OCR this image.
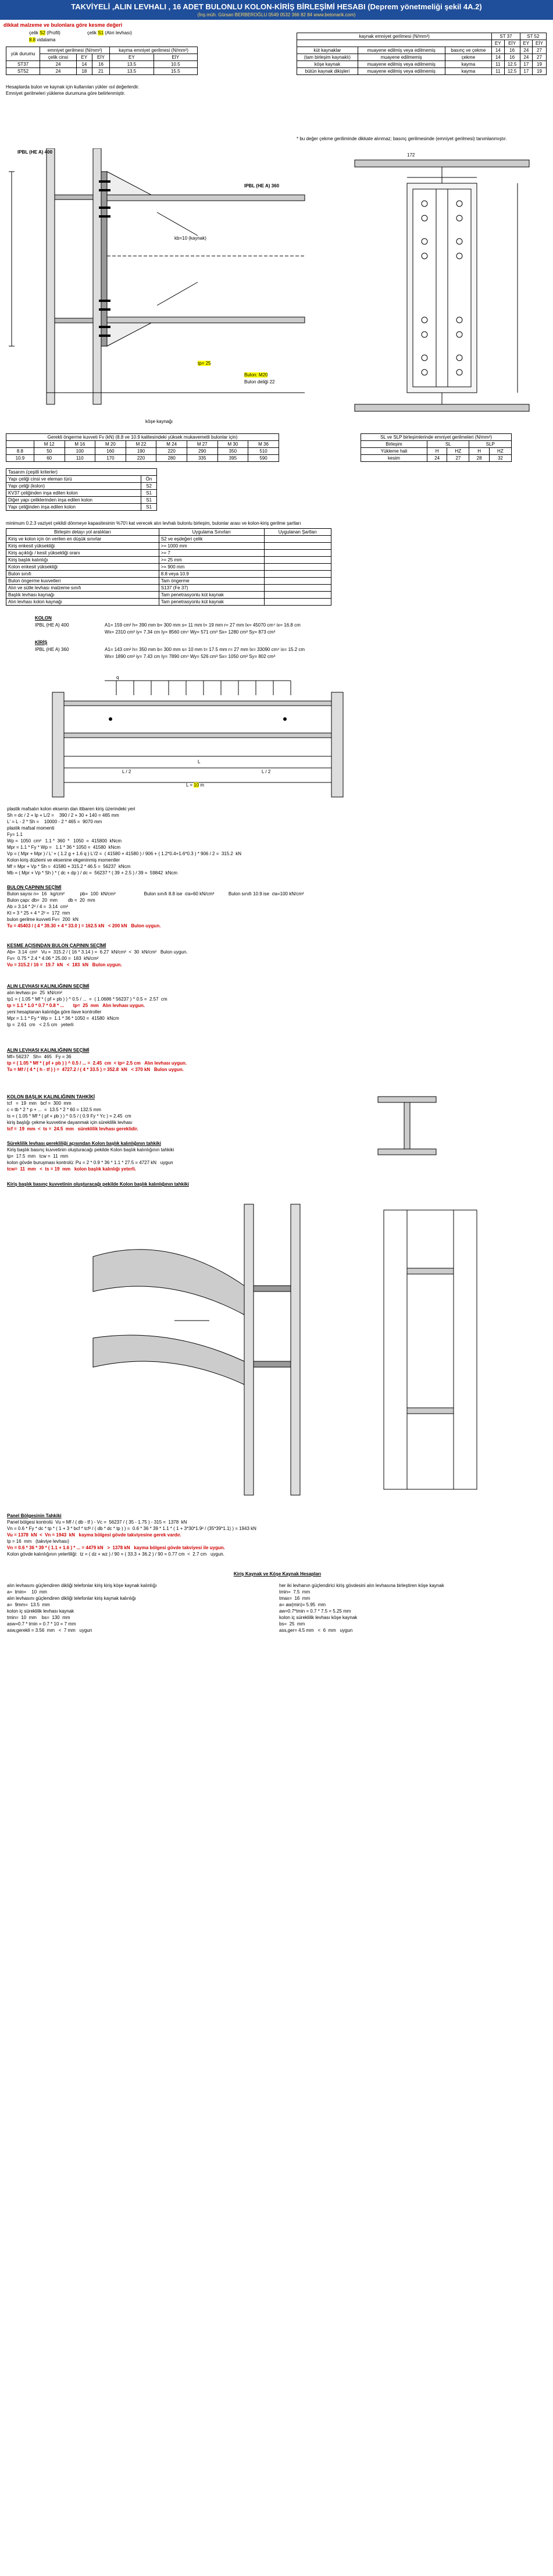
TAKVİYELİ ,ALIN LEVHALI , 16 ADET BULONLU KOLON-KİRİŞ BİRLEŞİMİ HESABI (Deprem yönetmeliği şekil 4A.2)
(İnş.müh. Gürsan BERBEROĞLU 0549 0532 366 82 84 www.betonarik.com)
dikkat malzeme ve bulonlara göre kesme değeri
çelik S2 (Profil)	çelik S1 (Alın levhası)
8.8 vidalama
yük durumu	emniyet gerilmesi (N/mm²)			kayma emniyet gerilmesi (N/mm²)	
	çelik cinsi	EY	EİY	EY	EİY
ST37	24	14	16	13.5	10.5
ST52	24	18	21	13.5	15.5
Hesaplarda bulon ve kaynak için kullanılan yükler ısıl değerlerdir.
Emniyet gerilmeleri yükleme durumuna göre belirlenmiştir.
kaynak emniyet gerilmesi (N/mm²)			ST 37		ST 52	
			EY	EİY	EY	EİY
küt kaynaklar	muayene edilmiş veya edilmemiş	basınç ve çekme	14	16	24	27
(tam birleşim kaynaklı)	muayene edilmemiş	çekme	14	16	24	27
köşe kaynak	muayene edilmiş veya edilmemiş	kayma	11	12.5	17	19
bütün kaynak dikişleri	muayene edilmiş veya edilmemiş	kayma	11	12.5	17	19
* bu değer çekme geriliminde dikkate alınmaz; basınç gerilmesinde (emniyet gerilmesi) tanımlanmıştır.
IPBL (HE A) 400
IPBL (HE A) 360
kb=10 (kaynak)
Bulon: M20
Bulon deliği 22
tp= 25
köşe kaynağı
172
Gerekli öngerme kuvveti Fv (kN) (8.8 ve 10.9 kalitesindeki yüksek mukavemetli bulonlar için)								
	M 12	M 16	M 20	M 22	M 24	M 27	M 30	M 36
8.8	50	100	160	190	220	290	350	510
10.9	60	110	170	220	280	335	395	590
SL ve SLP birleşimlerinde emniyet gerilmeleri (N/mm²)				
Birleşim	SL		SLP	
Yükleme hali	H	HZ	H	HZ
kesim	24	27	28	32
Tasarım (çeşitli kriterler)	
Yapı çeliği cinsi ve eleman türü	Ön
Yapı çeliği (kolon)	S2
KV37 çeliğinden inşa edilen kolon	S1
Diğer yapı çeliklerinden inşa edilen kolon	S1
Yapı çeliğinden inşa edilen kolon	S1
minimum 0.2.3 vaziyet çekildi dönmeye kapasitesinin %70'i kat verecek alın levhalı bulonlu birleşim, bulonlar arası ve kolon-kiriş gerilme şartları
Birleşim detayı yol aralıkları	Uygulama Sınırları	Uygulanan Şartları
Kiriş ve kolon için ön verilen en düşük sınırlar	S2 ve eşdeğeri çelik	
Kiriş enkesit yüksekliği	>= 1000 mm	
Kiriş açıklığı / kesit yüksekliği oranı	>= 7	
Kiriş başlık kalınlığı	>= 25 mm	
Kolon enkesit yüksekliği	>= 900 mm	
Bulon sınıfı	8.8 veya 10.9	
Bulon öngerme kuvvetleri	Tam öngerme	
Alın ve sütle levhası malzeme sınıfı	S137 (Fe 37)	
Başlık levhası kaynağı	Tam penetrasyonlu küt kaynak	
Alın levhası kolon kaynağı	Tam penetrasyonlu küt kaynak	
KOLON
IPBL (HE A) 400	A1= 159 cm² h= 390 mm b= 300 mm s= 11 mm t= 19 mm r= 27 mm Ix= 45070 cm⁴ ix= 16.8 cm
Wx= 2310 cm³ iy= 7.34 cm Iy= 8560 cm⁴ Wy= 571 cm³ Sx= 1280 cm³ Sy= 873 cm³
KİRİŞ
IPBL (HE A) 360	A1= 143 cm² h= 350 mm b= 300 mm s= 10 mm t= 17.5 mm r= 27 mm Ix= 33090 cm⁴ ix= 15.2 cm
Wx= 1890 cm³ iy= 7.43 cm Iy= 7890 cm⁴ Wy= 526 cm³ Sx= 1050 cm³ Sy= 802 cm³
q
L
L / 2	L / 2
L = 10 m
plastik mafsalın kolon eksenin dan itibaren kiriş üzerindeki yeri
Sh = dc / 2 + lp + L/2 =    390 / 2 + 30 + 140 = 465 mm
L' = L - 2 * Sh =    10000 - 2 * 465 =  9070 mm
plastik mafsal momenti
Fy= 1.1
Wp =  1050  cm³   1.1 *  360  *   1050  =  415800  kNcm
Mpr = 1.1 * Fy * Wp =   1.1 * 36 * 1050 =  41580  kNcm
Vp = ( Mpr + Mpr ) / L' + ( 1.2 g + 1.6 q ) L'/2 =  ( 41580 + 41580 ) / 906 + ( 1.2*0.4+1.6*0.3 ) * 906 / 2 =  315.2  kN
Kolon kiriş düzlemi ve eksenine ekgeninmiş momentler
Mf = Mpr + Vp * Sh =  41580 + 315.2 * 46.5 =  56237  kNcm
Mb = ( Mpr + Vp * Sh ) * ( dc + dp ) / dc =  56237 * ( 39 + 2.5 ) / 39 =  59842  kNcm
BULON ÇAPININ SEÇİMİ
Bulon sayısı n=  16   kg/cm²            pb=  100  kN/cm²                      Bulon sınıfı 8.8 ise  σa=60 kN/cm²           Bulon sınıfı 10.9 ise  σa=100 kN/cm²
Bulon çapı: db=  20  mm        db =  20  mm
Ab = 3.14 * 2² / 4 =  3.14  cm²
Kt = 3 * 25 + 4 * 2² =  172  mm
bulon gerilme kuvveti Fv=  200  kN
Tu = 45403 / ( 4 * 39.30 + 4 * 33.0 ) = 162.5 kN   < 200 kN   Bulon uygun.
KESME AÇISINDAN BULON ÇAPININ SEÇİMİ
Ab=  3.14  cm²   Vu =  315.2 / ( 16 * 3.14 ) =  6.27  kN/cm²  <  30  kN/cm²   Bulon uygun.
Fv=  0.75 * 2.4 * 4.06 * 25.00 =  183  kN/cm²
Vu = 315.2 / 16 =  19.7  kN   <  183  kN   Bulon uygun.
ALIN LEVHASI KALINLIĞININ SEÇİMİ
alın levhası p=  25  kN/cm²
tp1 = ( 1.05 * Mf * ( pf + pb ) ) ^ 0.5 / ...  =  ( 1.0686 * 56237 ) ^ 0.5 =  2.57  cm
tp = 1.1 * 1.0 * 0.7 * 0.8 * ...       tp=  25  mm   Alın levhası uygun.
yeni hesaplanan kalınlığa göre ilave kontroller
Mpr = 1.1 * Fy * Wp =  1.1 * 36 * 1050 =  41580  kNcm
tp =  2.61  cm   < 2.5 cm   yeterli
ALIN LEVHASI KALINLIĞININ SEÇİMİ
Mf= 56237   Sh=  465   Fy = 36
tp = ( 1.05 * Mf * ( pf + pb ) ) ^ 0.5 / ... =  2.45  cm  < tp= 2.5 cm   Alın levhası uygun.
Tu = Mf / ( 4 * ( h - tf ) ) =  4727.2 / ( 4 * 33.5 ) = 352.8  kN   < 370 kN   Bulon uygun.
KOLON BAŞLIK KALINLIĞININ TAHKİKİ
tcf   =  19  mm   bcf =  300  mm
c = tb * 2 * p + ...  =  13.5 * 2 * 60 = 132.5 mm
ts = ( 1.05 * Mf * ( pf + pb ) ) ^ 0.5 / ( 0.9 Fy * Yc ) = 2.45  cm
kiriş başlığı çekme kuvvetine dayanmak için süreklilik levhası
tcf =  19  mm  <  ts =  24.5  mm   süreklilik levhası gereklidir.
Süreklilik levhası gerekliliği açısından Kolon başlık kalınlığının tahkiki
Kiriş başlık basınç kuvvetinin oluşturacağı pekilde Kolon başlık kalınlığının tahkiki
tp=  17.5  mm   tcw =  11  mm
kolon gövde buruşması kontrolü: Pu = 2 * 0.9 * 36 * 1.1 * 27.5 = 4727 kN   uygun
tcw=  11  mm   <  ts = 19  mm   kolon başlık kalınlığı yeterli.
Kiriş başlık basınç kuvvetinin oluşturacağı pekilde Kolon başlık kalınlığının tahkiki
Panel Bölgesinin Tahkiki
Panel bölgesi kontrolü  Vu = Mf / ( db - tf ) - Vc =  56237 / ( 35 - 1.75 ) - 315 =  1378  kN
Vn = 0.6 * Fy * dc * tp * ( 1 + 3 * bcf * tcf² / ( db * dc * tp ) ) =  0.6 * 36 * 39 * 1.1 * ( 1 + 3*30*1.9² / (35*39*1.1) ) = 1943 kN
Vu = 1378  kN  <  Vn = 1943  kN   kayma bölgesi gövde takviyesine gerek vardır.
tp = 16  mm   (takviye levhası)
Vn = 0.6 * 36 * 39 * ( 1.1 + 1.6 ) * ... = 4479 kN   >  1378 kN   kayma bölgesi gövde takviyesi ile uygun.
Kolon gövde kalınlığının yeterliliği:  tz = ( dz + wz ) / 90 = ( 33.3 + 36.2 ) / 90 = 0.77 cm  <  2.7 cm   uygun.
Kiriş Kaynak ve Köşe Kaynak Hesapları
alın levhasını güçlendiren dikliği telefonlar kiriş kiriş köşe kaynak kalınlığı
a=  tmin=    10  mm
alın levhasını güçlendiren dikliği telefonlar kiriş kaynak kalınlığı
a=  9mm=  13.5  mm
kolon iç süreklilik levhası kaynak
tmin=  10  mm    bs=  130  mm
asw=0.7 * tmin = 0.7 * 10 = 7 mm
asw,gerekli = 3.56  mm   <  7 mm   uygun
her iki levhanın güçlendirici kiriş gövdesini alın levhasına birleştiren köşe kaynak
tmin=  7.5  mm
tmax=  16  mm
a= aw(min)= 5.95  mm
aw=0.7*tmin = 0.7 * 7.5 = 5.25 mm
kolon iç süreklilik levhası köşe kaynak
bs=  25  mm
ass,ger= 4.5 mm   <  6  mm   uygun
